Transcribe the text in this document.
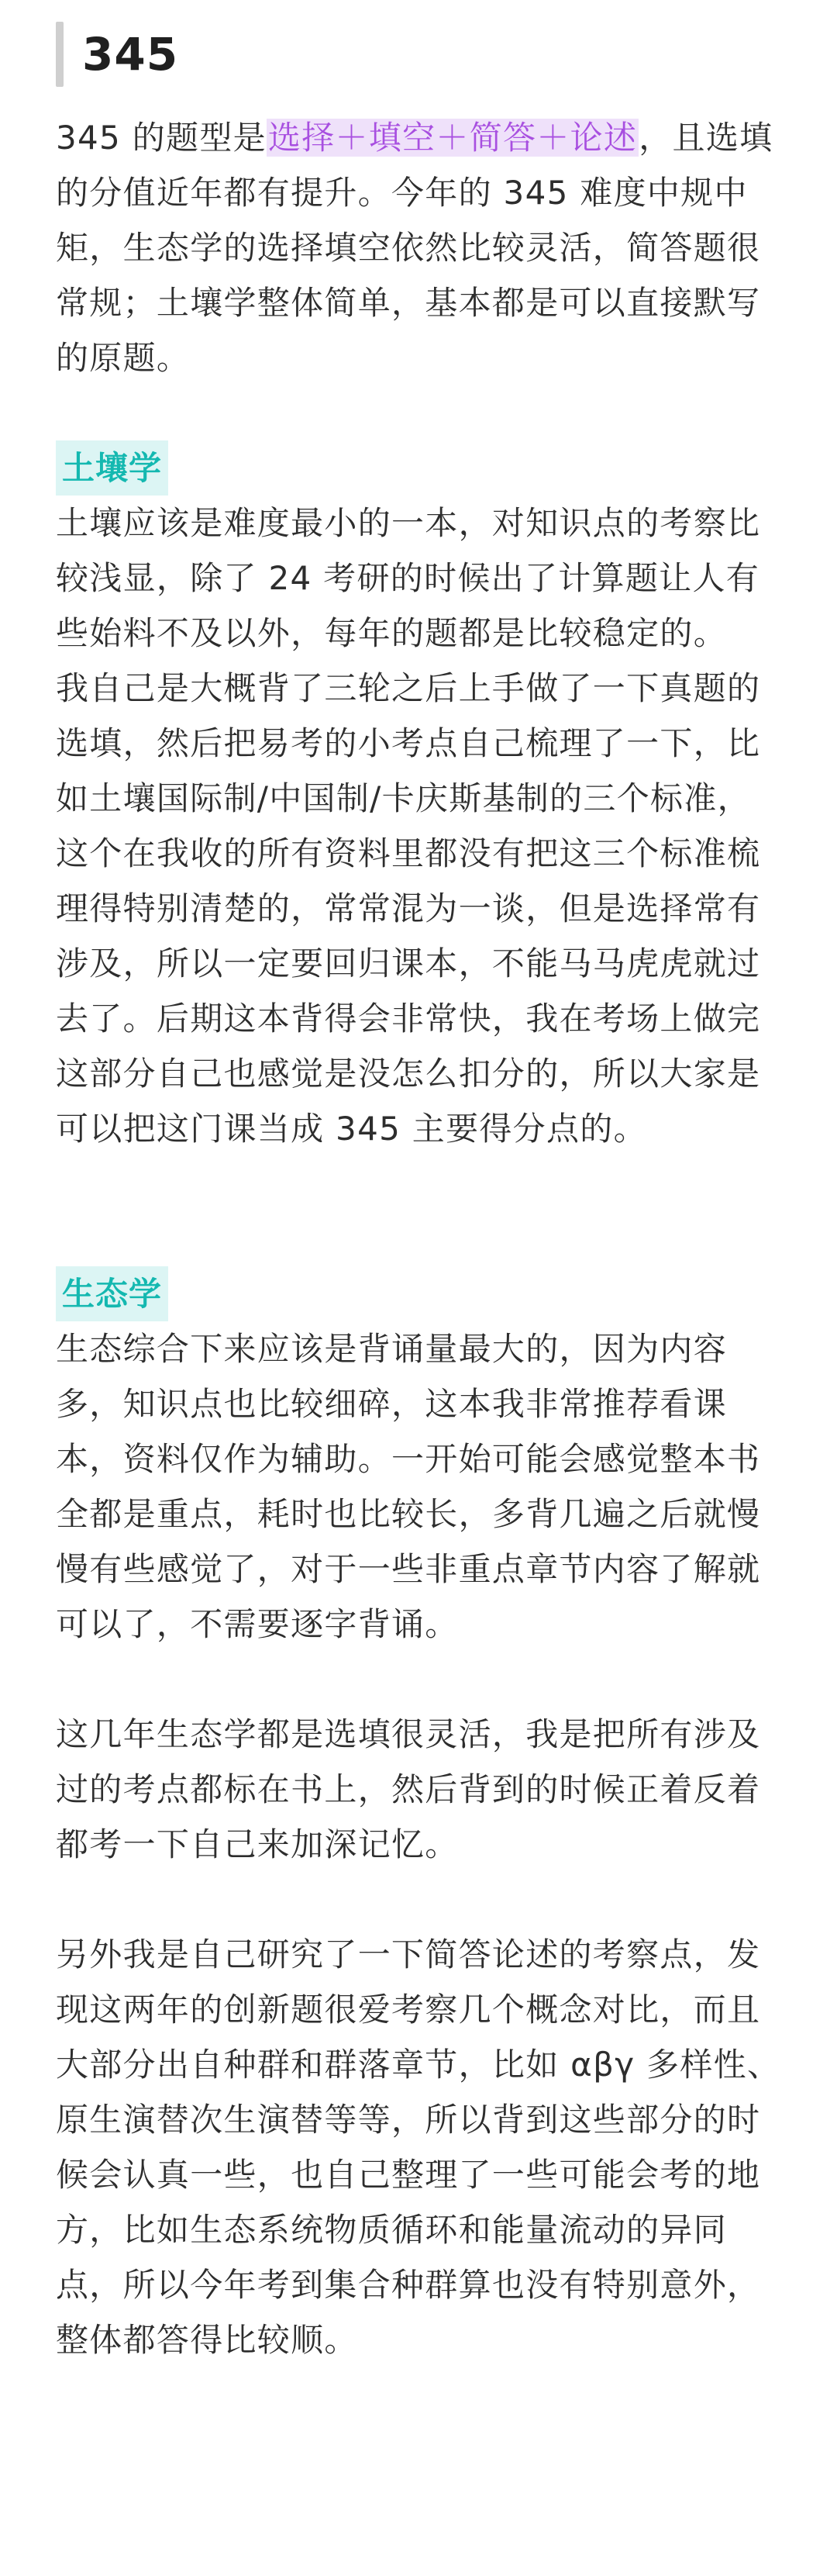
345

345 的题型是选择＋填空＋简答＋论述，且选填的分值近年都有提升。今年的 345 难度中规中矩，生态学的选择填空依然比较灵活，简答题很常规；土壤学整体简单，基本都是可以直接默写的原题。

土壤学

土壤应该是难度最小的一本，对知识点的考察比较浅显，除了 24 考研的时候出了计算题让人有些始料不及以外，每年的题都是比较稳定的。

我自己是大概背了三轮之后上手做了一下真题的选填，然后把易考的小考点自己梳理了一下，比如土壤国际制/中国制/卡庆斯基制的三个标准，这个在我收的所有资料里都没有把这三个标准梳理得特别清楚的，常常混为一谈，但是选择常有涉及，所以一定要回归课本，不能马马虎虎就过去了。后期这本背得会非常快，我在考场上做完这部分自己也感觉是没怎么扣分的，所以大家是可以把这门课当成 345 主要得分点的。

生态学

生态综合下来应该是背诵量最大的，因为内容多，知识点也比较细碎，这本我非常推荐看课本，资料仅作为辅助。一开始可能会感觉整本书全都是重点，耗时也比较长，多背几遍之后就慢慢有些感觉了，对于一些非重点章节内容了解就可以了，不需要逐字背诵。

这几年生态学都是选填很灵活，我是把所有涉及过的考点都标在书上，然后背到的时候正着反着都考一下自己来加深记忆。

另外我是自己研究了一下简答论述的考察点，发现这两年的创新题很爱考察几个概念对比，而且大部分出自种群和群落章节，比如 αβγ 多样性、原生演替次生演替等等，所以背到这些部分的时候会认真一些，也自己整理了一些可能会考的地方，比如生态系统物质循环和能量流动的异同点，所以今年考到集合种群算也没有特别意外，整体都答得比较顺。
